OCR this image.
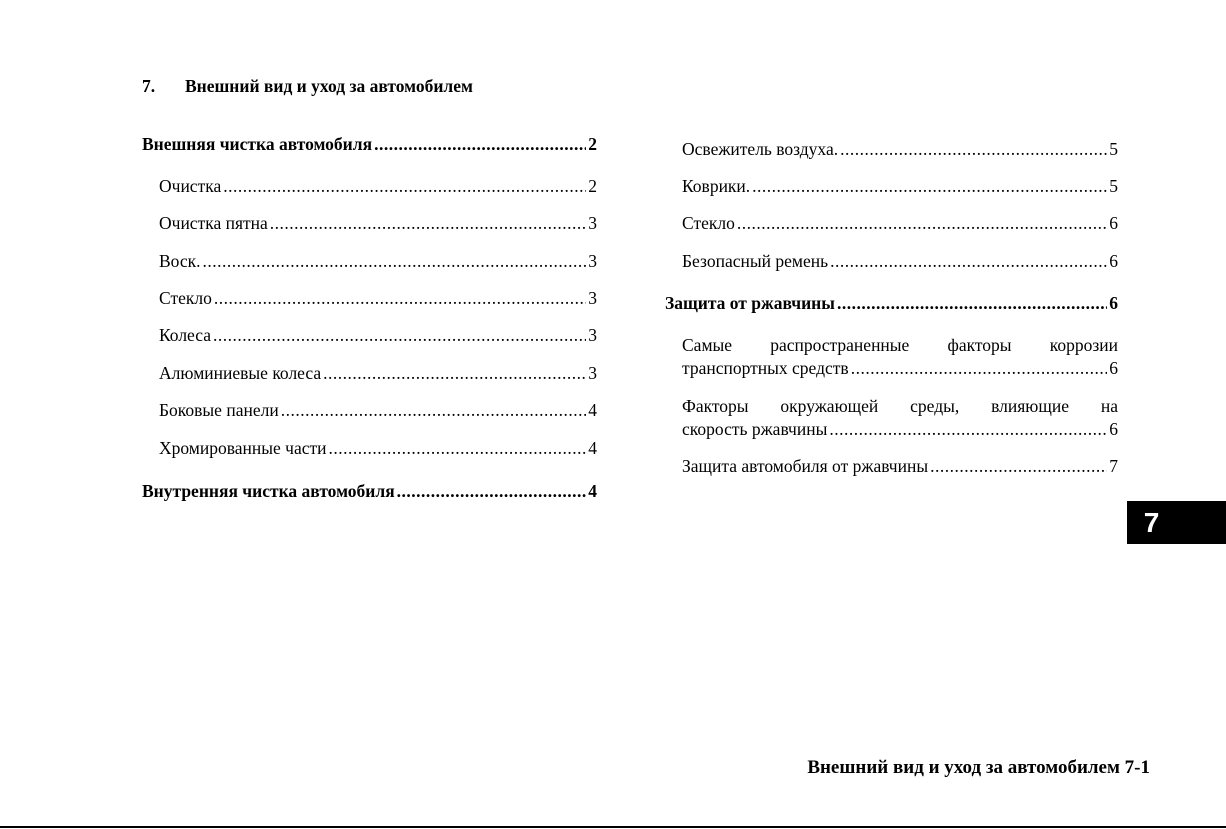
7. Внешний вид и уход за автомобилем
Внешняя чистка автомобиля .....	2
Очистка .....	2
Очистка пятна .....	3
Воск. .....	3
Стекло .....	3
Колеса .....	3
Алюминиевые колеса .....	3
Боковые панели .....	4
Хромированные части .....	4
Внутренняя чистка автомобиля .....	4
Освежитель воздуха. .....	5
Коврики. .....	5
Стекло .....	6
Безопасный ремень .....	6
Защита от ржавчины .....	6
Самые распространенные факторы коррозии
транспортных средств .....	6
Факторы окружающей среды, влияющие на
скорость ржавчины .....	6
Защита автомобиля от ржавчины .....	7
7
Внешний вид и уход за автомобилем 7-1
